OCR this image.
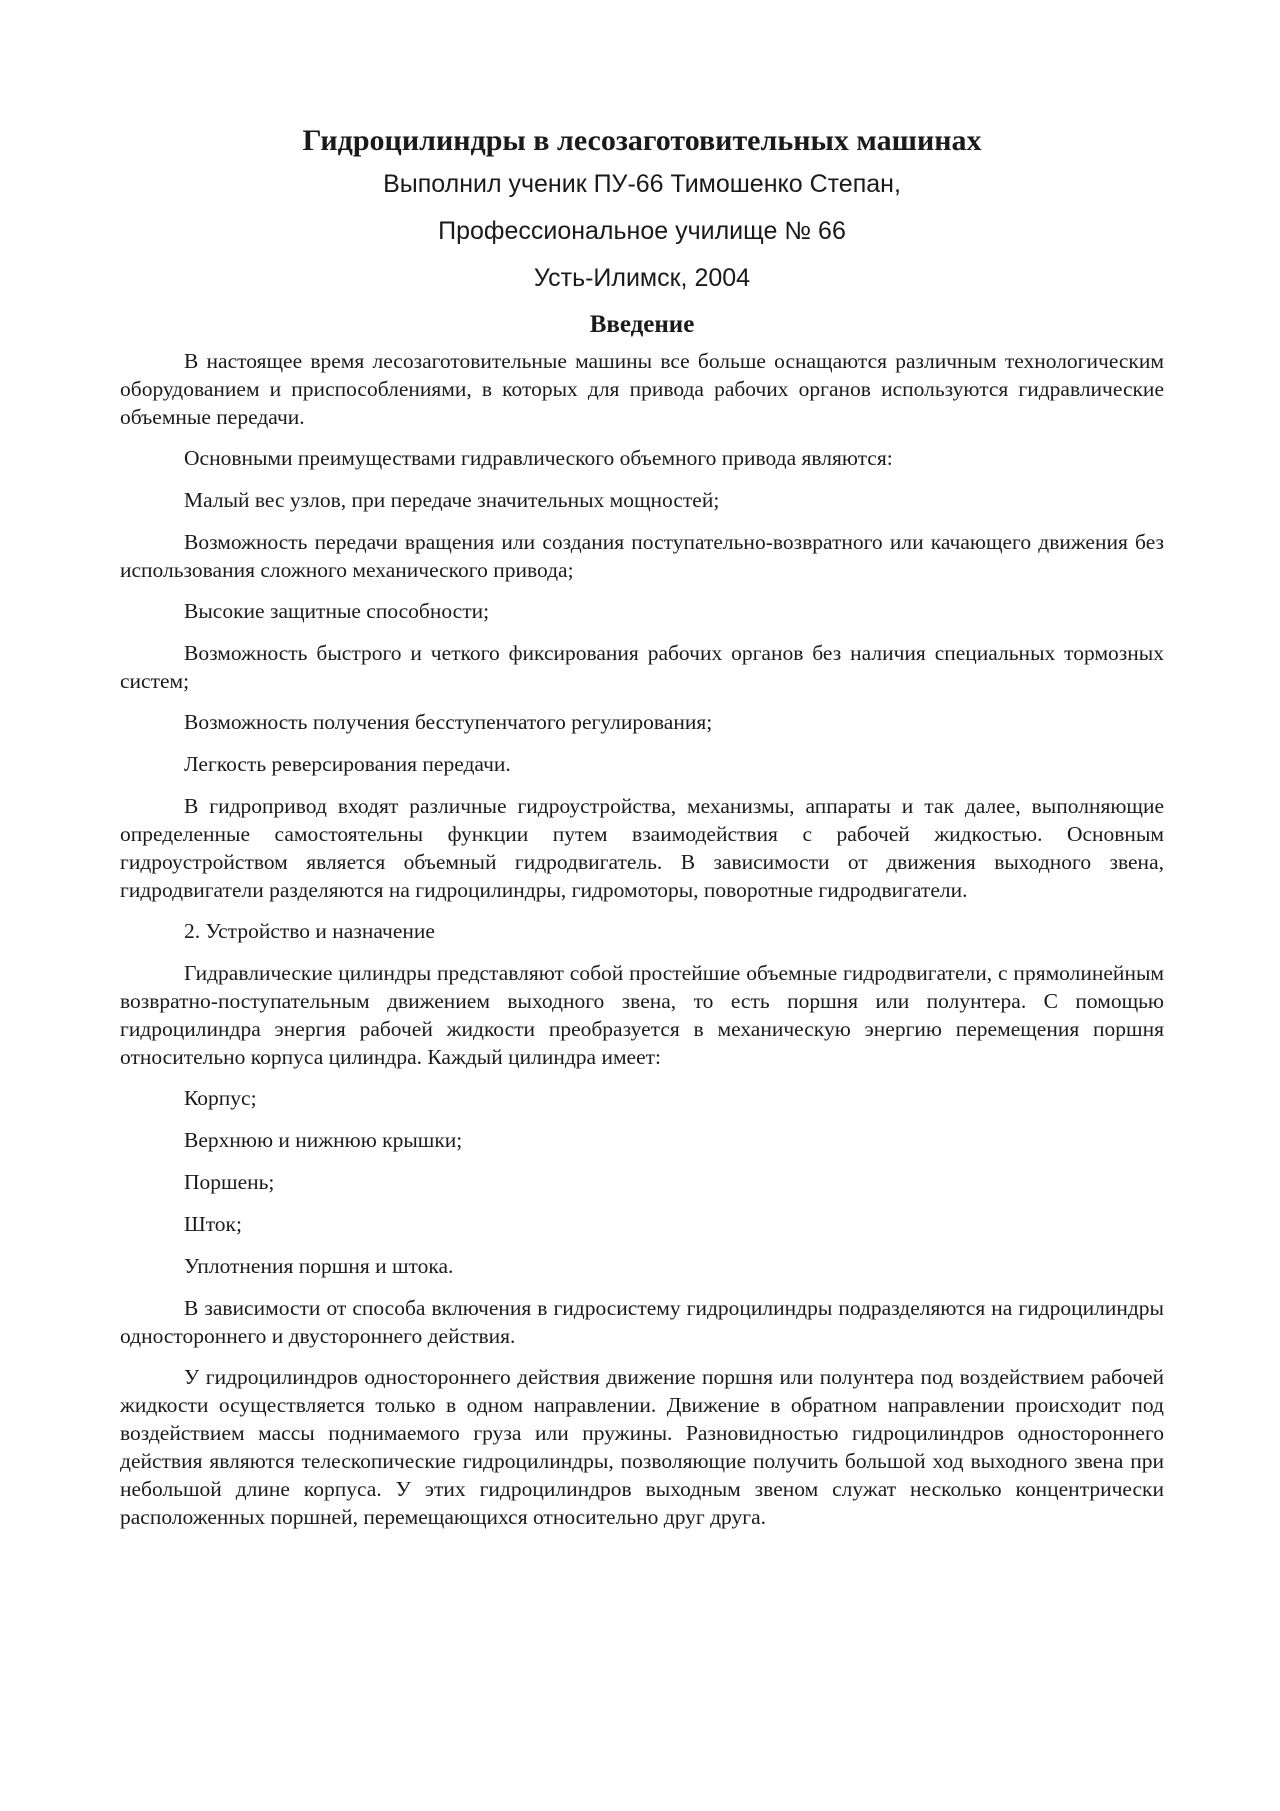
Гидроцилиндры в лесозаготовительных машинах

Выполнил ученик ПУ-66 Тимошенко Степан,

Профессиональное училище № 66

Усть-Илимск, 2004

Введение

В настоящее время лесозаготовительные машины все больше оснащаются различным технологическим оборудованием и приспособлениями, в которых для привода рабочих органов используются гидравлические объемные передачи.

Основными преимуществами гидравлического объемного привода являются:

Малый вес узлов, при передаче значительных мощностей;

Возможность передачи вращения или создания поступательно-возвратного или качающего движения без использования сложного механического привода;

Высокие защитные способности;

Возможность быстрого и четкого фиксирования рабочих органов без наличия специальных тормозных систем;

Возможность получения бесступенчатого регулирования;

Легкость реверсирования передачи.

В гидропривод входят различные гидроустройства, механизмы, аппараты и так далее, выполняющие определенные самостоятельны функции путем взаимодействия с рабочей жидкостью. Основным гидроустройством является объемный гидродвигатель. В зависимости от движения выходного звена, гидродвигатели разделяются на гидроцилиндры, гидромоторы, поворотные гидродвигатели.

2. Устройство и назначение

Гидравлические цилиндры представляют собой простейшие объемные гидродвигатели, с прямолинейным возвратно-поступательным движением выходного звена, то есть поршня или полунтера. С помощью гидроцилиндра энергия рабочей жидкости преобразуется в механическую энергию перемещения поршня относительно корпуса цилиндра. Каждый цилиндра имеет:

Корпус;

Верхнюю и нижнюю крышки;

Поршень;

Шток;

Уплотнения поршня и штока.

В зависимости от способа включения в гидросистему гидроцилиндры подразделяются на гидроцилиндры одностороннего и двустороннего действия.

У гидроцилиндров одностороннего действия движение поршня или полунтера под воздействием рабочей жидкости осуществляется только в одном направлении. Движение в обратном направлении происходит под воздействием массы поднимаемого груза или пружины. Разновидностью гидроцилиндров одностороннего действия являются телескопические гидроцилиндры, позволяющие получить большой ход выходного звена при небольшой длине корпуса. У этих гидроцилиндров выходным звеном служат несколько концентрически расположенных поршней, перемещающихся относительно друг друга.
